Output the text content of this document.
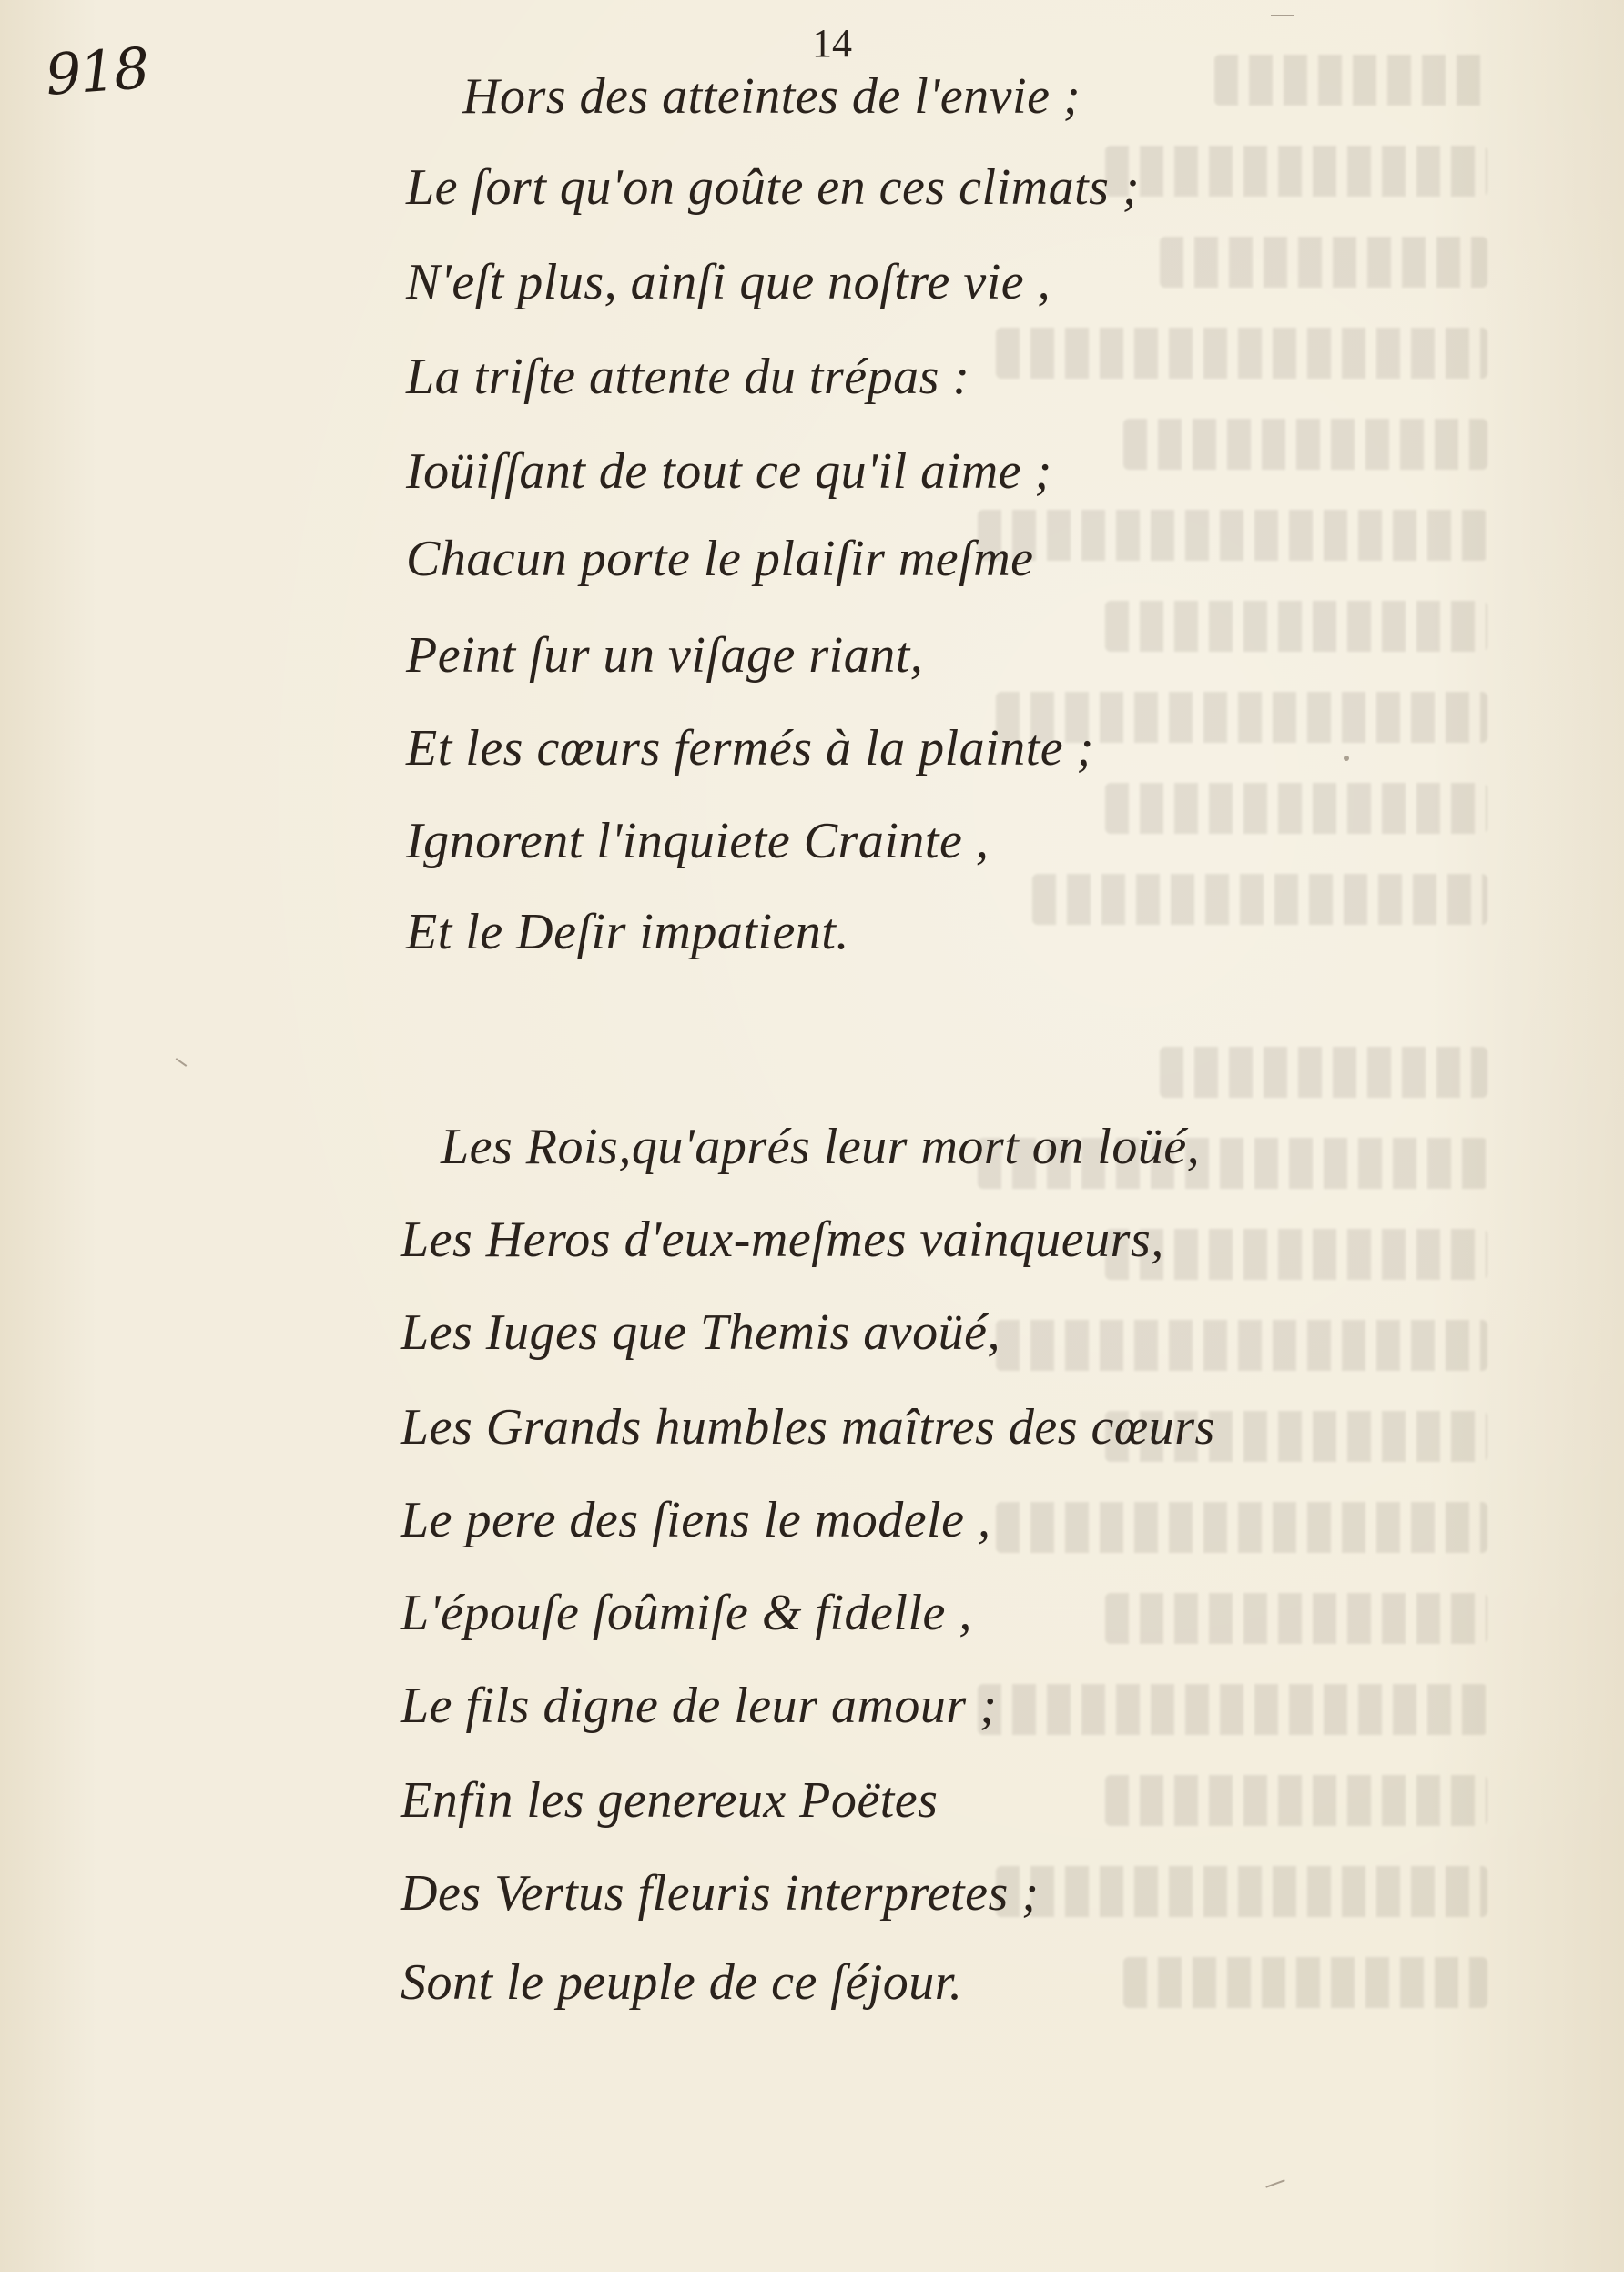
14
918	Hors des atteintes de l'envie ;
Le ſort qu'on goûte en ces climats ;
N'eſt plus, ainſi que noſtre vie ,
La triſte attente du trépas :
Ioüiſſant de tout ce qu'il aime ;
Chacun porte le plaiſir meſme
Peint ſur un viſage riant,
Et les cœurs fermés à la plainte ;
Ignorent l'inquiete Crainte ,
Et le Deſir impatient.
Les Rois,qu'aprés leur mort on loüé,
Les Heros d'eux-meſmes vainqueurs,
Les Iuges que Themis avoüé,
Les Grands humbles maîtres des cœurs
Le pere des ſiens le modele ,
L'épouſe ſoûmiſe & fidelle ,
Le fils digne de leur amour ;
Enfin les genereux Poëtes
Des Vertus fleuris interpretes ;
Sont le peuple de ce ſéjour.
